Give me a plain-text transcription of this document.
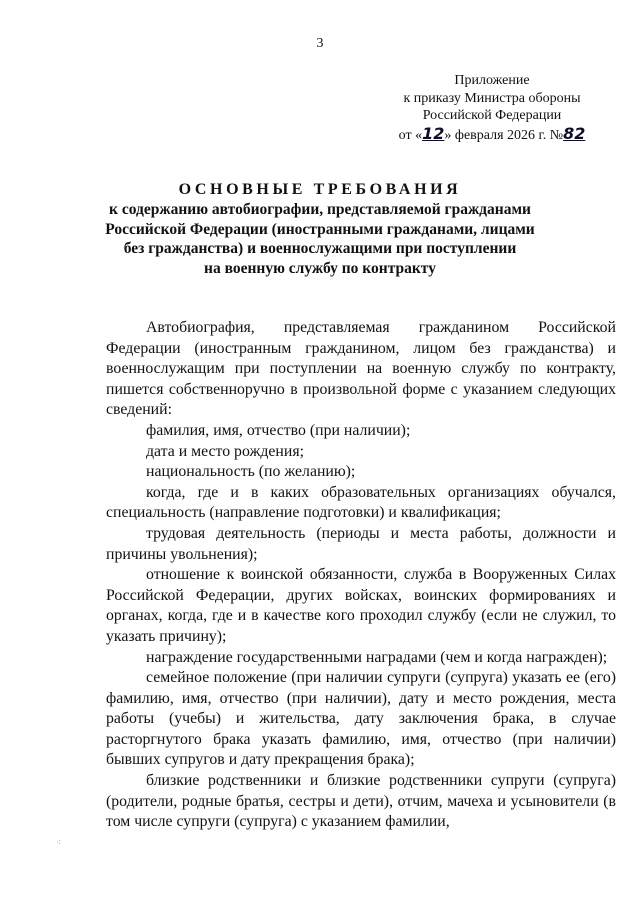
3
Приложение
к приказу Министра обороны
Российской Федерации
от «12» февраля 2026 г. №82
ОСНОВНЫЕ ТРЕБОВАНИЯ
к содержанию автобиографии, представляемой гражданами
Российской Федерации (иностранными гражданами, лицами
без гражданства) и военнослужащими при поступлении
на военную службу по контракту

Автобиография, представляемая гражданином Российской Федерации (иностранным гражданином, лицом без гражданства) и военнослужащим при поступлении на военную службу по контракту, пишется собственноручно в произвольной форме с указанием следующих сведений:

фамилия, имя, отчество (при наличии);

дата и место рождения;

национальность (по желанию);

когда, где и в каких образовательных организациях обучался, специальность (направление подготовки) и квалификация;

трудовая деятельность (периоды и места работы, должности и причины увольнения);

отношение к воинской обязанности, служба в Вооруженных Силах Российской Федерации, других войсках, воинских формированиях и органах, когда, где и в качестве кого проходил службу (если не служил, то указать причину);

награждение государственными наградами (чем и когда награжден);

семейное положение (при наличии супруги (супруга) указать ее (его) фамилию, имя, отчество (при наличии), дату и место рождения, места работы (учебы) и жительства, дату заключения брака, в случае расторгнутого брака указать фамилию, имя, отчество (при наличии) бывших супругов и дату прекращения брака);

близкие родственники и близкие родственники супруги (супруга) (родители, родные братья, сестры и дети), отчим, мачеха и усыновители (в том числе супруги (супруга) с указанием фамилии,

⁖
